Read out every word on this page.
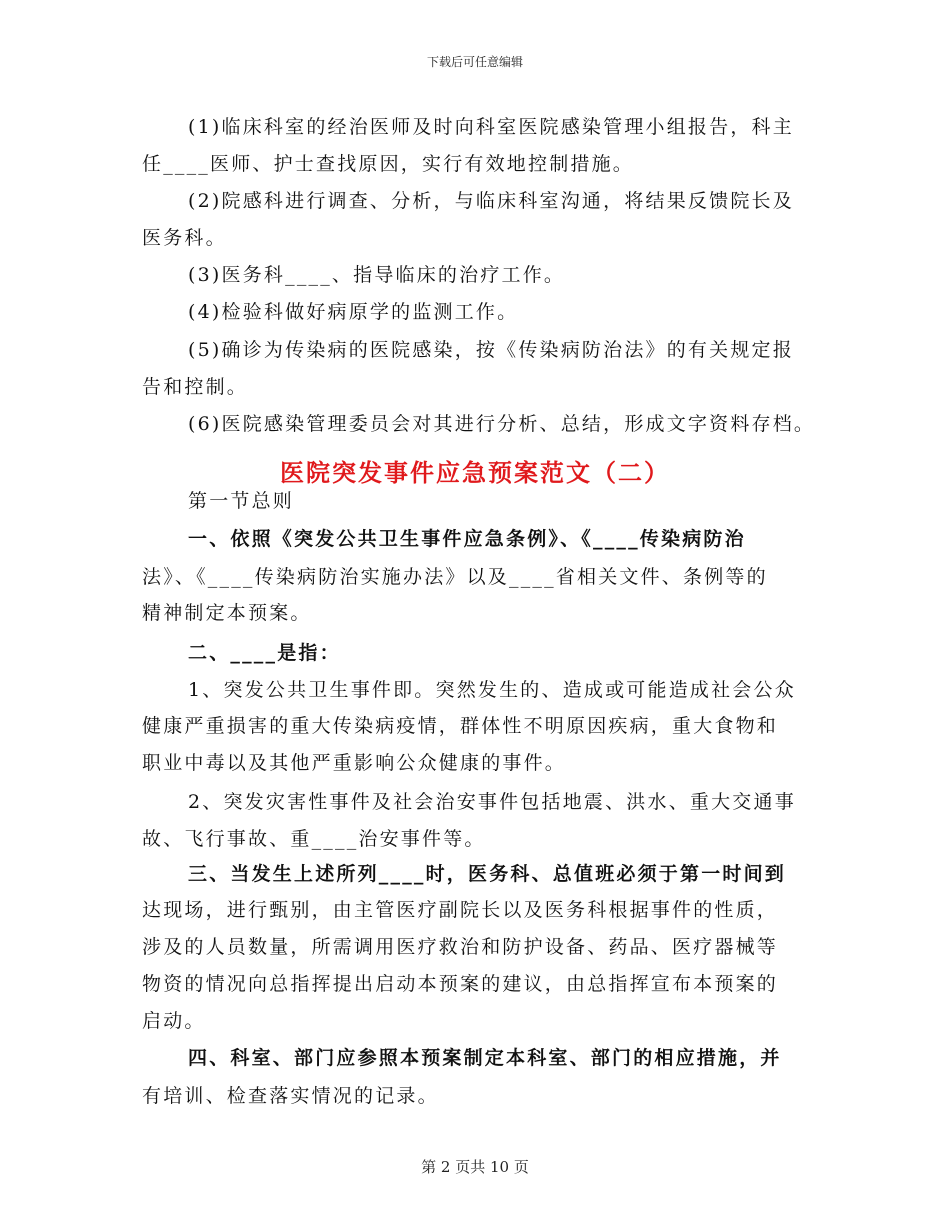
下载后可任意编辑
(1)临床科室的经治医师及时向科室医院感染管理小组报告，科主
任____医师、护士查找原因，实行有效地控制措施。
(2)院感科进行调查、分析，与临床科室沟通，将结果反馈院长及
医务科。
(3)医务科____、指导临床的治疗工作。
(4)检验科做好病原学的监测工作。
(5)确诊为传染病的医院感染，按《传染病防治法》的有关规定报
告和控制。
(6)医院感染管理委员会对其进行分析、总结，形成文字资料存档。
医院突发事件应急预案范文（二）
第一节总则
一、依照《突发公共卫生事件应急条例》、《____传染病防治
法》、《____传染病防治实施办法》以及____省相关文件、条例等的
精神制定本预案。
二、____是指：
1、突发公共卫生事件即。突然发生的、造成或可能造成社会公众
健康严重损害的重大传染病疫情，群体性不明原因疾病，重大食物和
职业中毒以及其他严重影响公众健康的事件。
2、突发灾害性事件及社会治安事件包括地震、洪水、重大交通事
故、飞行事故、重____治安事件等。
三、当发生上述所列____时，医务科、总值班必须于第一时间到
达现场，进行甄别，由主管医疗副院长以及医务科根据事件的性质，
涉及的人员数量，所需调用医疗救治和防护设备、药品、医疗器械等
物资的情况向总指挥提出启动本预案的建议，由总指挥宣布本预案的
启动。
四、科室、部门应参照本预案制定本科室、部门的相应措施，并
有培训、检查落实情况的记录。
第 2 页共 10 页
